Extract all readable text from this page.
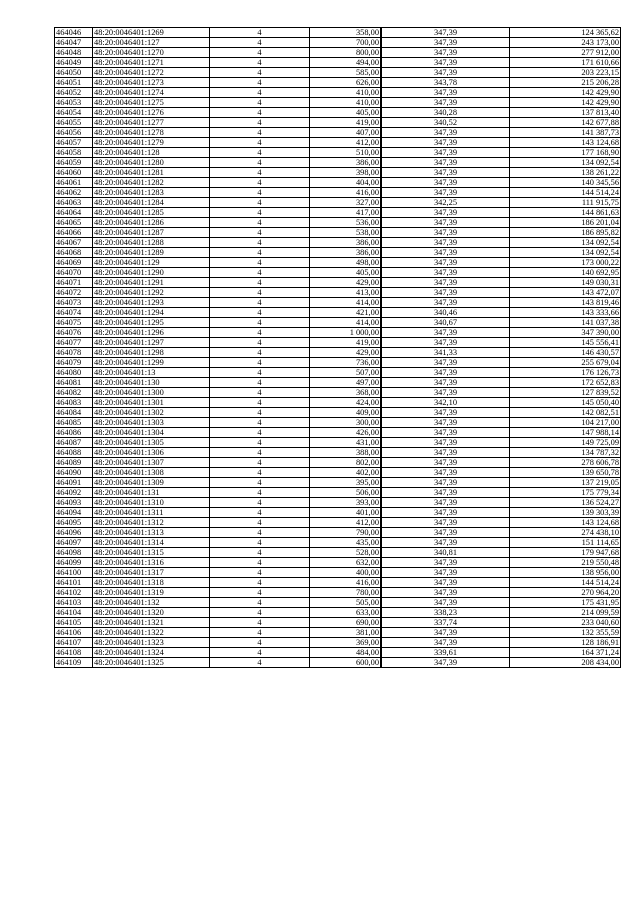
464046	48:20:0046401:1269	4	358,00		347,39	124 365,62
464047	48:20:0046401:127	4	700,00		347,39	243 173,00
464048	48:20:0046401:1270	4	800,00		347,39	277 912,00
464049	48:20:0046401:1271	4	494,00		347,39	171 610,66
464050	48:20:0046401:1272	4	585,00		347,39	203 223,15
464051	48:20:0046401:1273	4	626,00		343,78	215 206,28
464052	48:20:0046401:1274	4	410,00		347,39	142 429,90
464053	48:20:0046401:1275	4	410,00		347,39	142 429,90
464054	48:20:0046401:1276	4	405,00		340,28	137 813,40
464055	48:20:0046401:1277	4	419,00		340,52	142 677,88
464056	48:20:0046401:1278	4	407,00		347,39	141 387,73
464057	48:20:0046401:1279	4	412,00		347,39	143 124,68
464058	48:20:0046401:128	4	510,00		347,39	177 168,90
464059	48:20:0046401:1280	4	386,00		347,39	134 092,54
464060	48:20:0046401:1281	4	398,00		347,39	138 261,22
464061	48:20:0046401:1282	4	404,00		347,39	140 345,56
464062	48:20:0046401:1283	4	416,00		347,39	144 514,24
464063	48:20:0046401:1284	4	327,00		342,25	111 915,75
464064	48:20:0046401:1285	4	417,00		347,39	144 861,63
464065	48:20:0046401:1286	4	536,00		347,39	186 201,04
464066	48:20:0046401:1287	4	538,00		347,39	186 895,82
464067	48:20:0046401:1288	4	386,00		347,39	134 092,54
464068	48:20:0046401:1289	4	386,00		347,39	134 092,54
464069	48:20:0046401:129	4	498,00		347,39	173 000,22
464070	48:20:0046401:1290	4	405,00		347,39	140 692,95
464071	48:20:0046401:1291	4	429,00		347,39	149 030,31
464072	48:20:0046401:1292	4	413,00		347,39	143 472,07
464073	48:20:0046401:1293	4	414,00		347,39	143 819,46
464074	48:20:0046401:1294	4	421,00		340,46	143 333,66
464075	48:20:0046401:1295	4	414,00		340,67	141 037,38
464076	48:20:0046401:1296	4	1 000,00		347,39	347 390,00
464077	48:20:0046401:1297	4	419,00		347,39	145 556,41
464078	48:20:0046401:1298	4	429,00		341,33	146 430,57
464079	48:20:0046401:1299	4	736,00		347,39	255 679,04
464080	48:20:0046401:13	4	507,00		347,39	176 126,73
464081	48:20:0046401:130	4	497,00		347,39	172 652,83
464082	48:20:0046401:1300	4	368,00		347,39	127 839,52
464083	48:20:0046401:1301	4	424,00		342,10	145 050,40
464084	48:20:0046401:1302	4	409,00		347,39	142 082,51
464085	48:20:0046401:1303	4	300,00		347,39	104 217,00
464086	48:20:0046401:1304	4	426,00		347,39	147 988,14
464087	48:20:0046401:1305	4	431,00		347,39	149 725,09
464088	48:20:0046401:1306	4	388,00		347,39	134 787,32
464089	48:20:0046401:1307	4	802,00		347,39	278 606,78
464090	48:20:0046401:1308	4	402,00		347,39	139 650,78
464091	48:20:0046401:1309	4	395,00		347,39	137 219,05
464092	48:20:0046401:131	4	506,00		347,39	175 779,34
464093	48:20:0046401:1310	4	393,00		347,39	136 524,27
464094	48:20:0046401:1311	4	401,00		347,39	139 303,39
464095	48:20:0046401:1312	4	412,00		347,39	143 124,68
464096	48:20:0046401:1313	4	790,00		347,39	274 438,10
464097	48:20:0046401:1314	4	435,00		347,39	151 114,65
464098	48:20:0046401:1315	4	528,00		340,81	179 947,68
464099	48:20:0046401:1316	4	632,00		347,39	219 550,48
464100	48:20:0046401:1317	4	400,00		347,39	138 956,00
464101	48:20:0046401:1318	4	416,00		347,39	144 514,24
464102	48:20:0046401:1319	4	780,00		347,39	270 964,20
464103	48:20:0046401:132	4	505,00		347,39	175 431,95
464104	48:20:0046401:1320	4	633,00		338,23	214 099,59
464105	48:20:0046401:1321	4	690,00		337,74	233 040,60
464106	48:20:0046401:1322	4	381,00		347,39	132 355,59
464107	48:20:0046401:1323	4	369,00		347,39	128 186,91
464108	48:20:0046401:1324	4	484,00		339,61	164 371,24
464109	48:20:0046401:1325	4	600,00		347,39	208 434,00
